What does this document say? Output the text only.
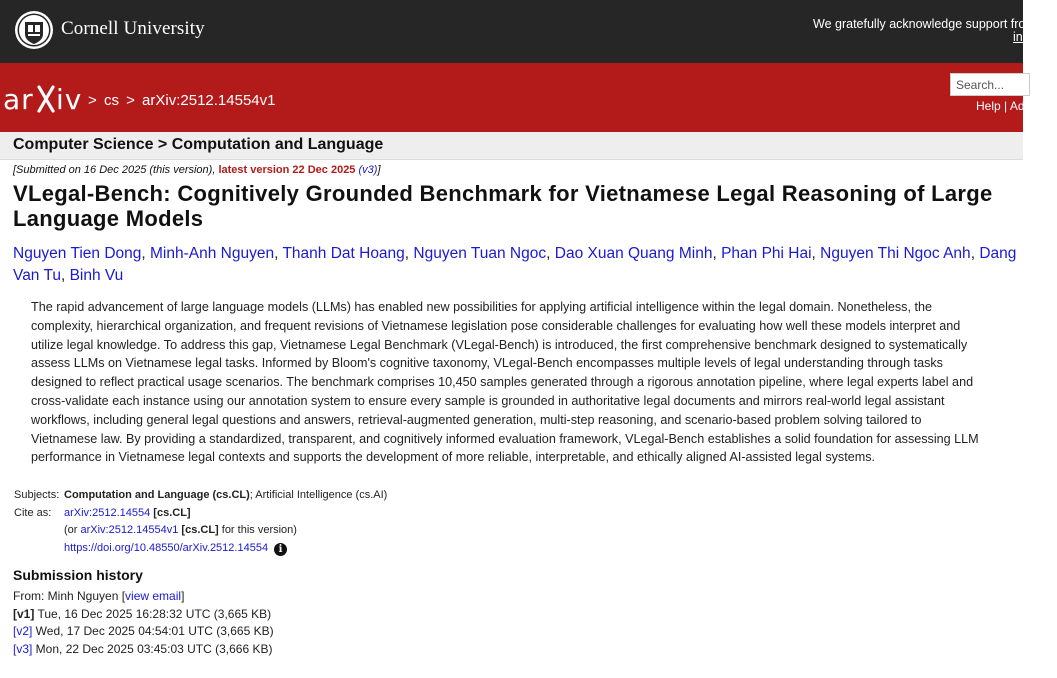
Cornell University	We gratefully acknowledge support from the
ins
ar iv > cs > arXiv:2512.14554v1
Search...
Help | Adv
Computer Science > Computation and Language
[Submitted on 16 Dec 2025 (this version), latest version 22 Dec 2025 (v3)]
VLegal-Bench: Cognitively Grounded Benchmark for Vietnamese Legal Reasoning of Large Language Models
Nguyen Tien Dong, Minh-Anh Nguyen, Thanh Dat Hoang, Nguyen Tuan Ngoc, Dao Xuan Quang Minh, Phan Phi Hai, Nguyen Thi Ngoc Anh, Dang Van Tu, Binh Vu
The rapid advancement of large language models (LLMs) has enabled new possibilities for applying artificial intelligence within the legal domain. Nonetheless, the complexity, hierarchical organization, and frequent revisions of Vietnamese legislation pose considerable challenges for evaluating how well these models interpret and utilize legal knowledge. To address this gap, Vietnamese Legal Benchmark (VLegal-Bench) is introduced, the first comprehensive benchmark designed to systematically assess LLMs on Vietnamese legal tasks. Informed by Bloom's cognitive taxonomy, VLegal-Bench encompasses multiple levels of legal understanding through tasks designed to reflect practical usage scenarios. The benchmark comprises 10,450 samples generated through a rigorous annotation pipeline, where legal experts label and cross-validate each instance using our annotation system to ensure every sample is grounded in authoritative legal documents and mirrors real-world legal assistant workflows, including general legal questions and answers, retrieval-augmented generation, multi-step reasoning, and scenario-based problem solving tailored to Vietnamese law. By providing a standardized, transparent, and cognitively informed evaluation framework, VLegal-Bench establishes a solid foundation for assessing LLM performance in Vietnamese legal contexts and supports the development of more reliable, interpretable, and ethically aligned AI-assisted legal systems.
Subjects: Computation and Language (cs.CL); Artificial Intelligence (cs.AI)
Cite as:	arXiv:2512.14554 [cs.CL]
(or arXiv:2512.14554v1 [cs.CL] for this version)
https://doi.org/10.48550/arXiv.2512.14554 i
Submission history
From: Minh Nguyen [view email]
[v1] Tue, 16 Dec 2025 16:28:32 UTC (3,665 KB)
[v2] Wed, 17 Dec 2025 04:54:01 UTC (3,665 KB)
[v3] Mon, 22 Dec 2025 03:45:03 UTC (3,666 KB)
